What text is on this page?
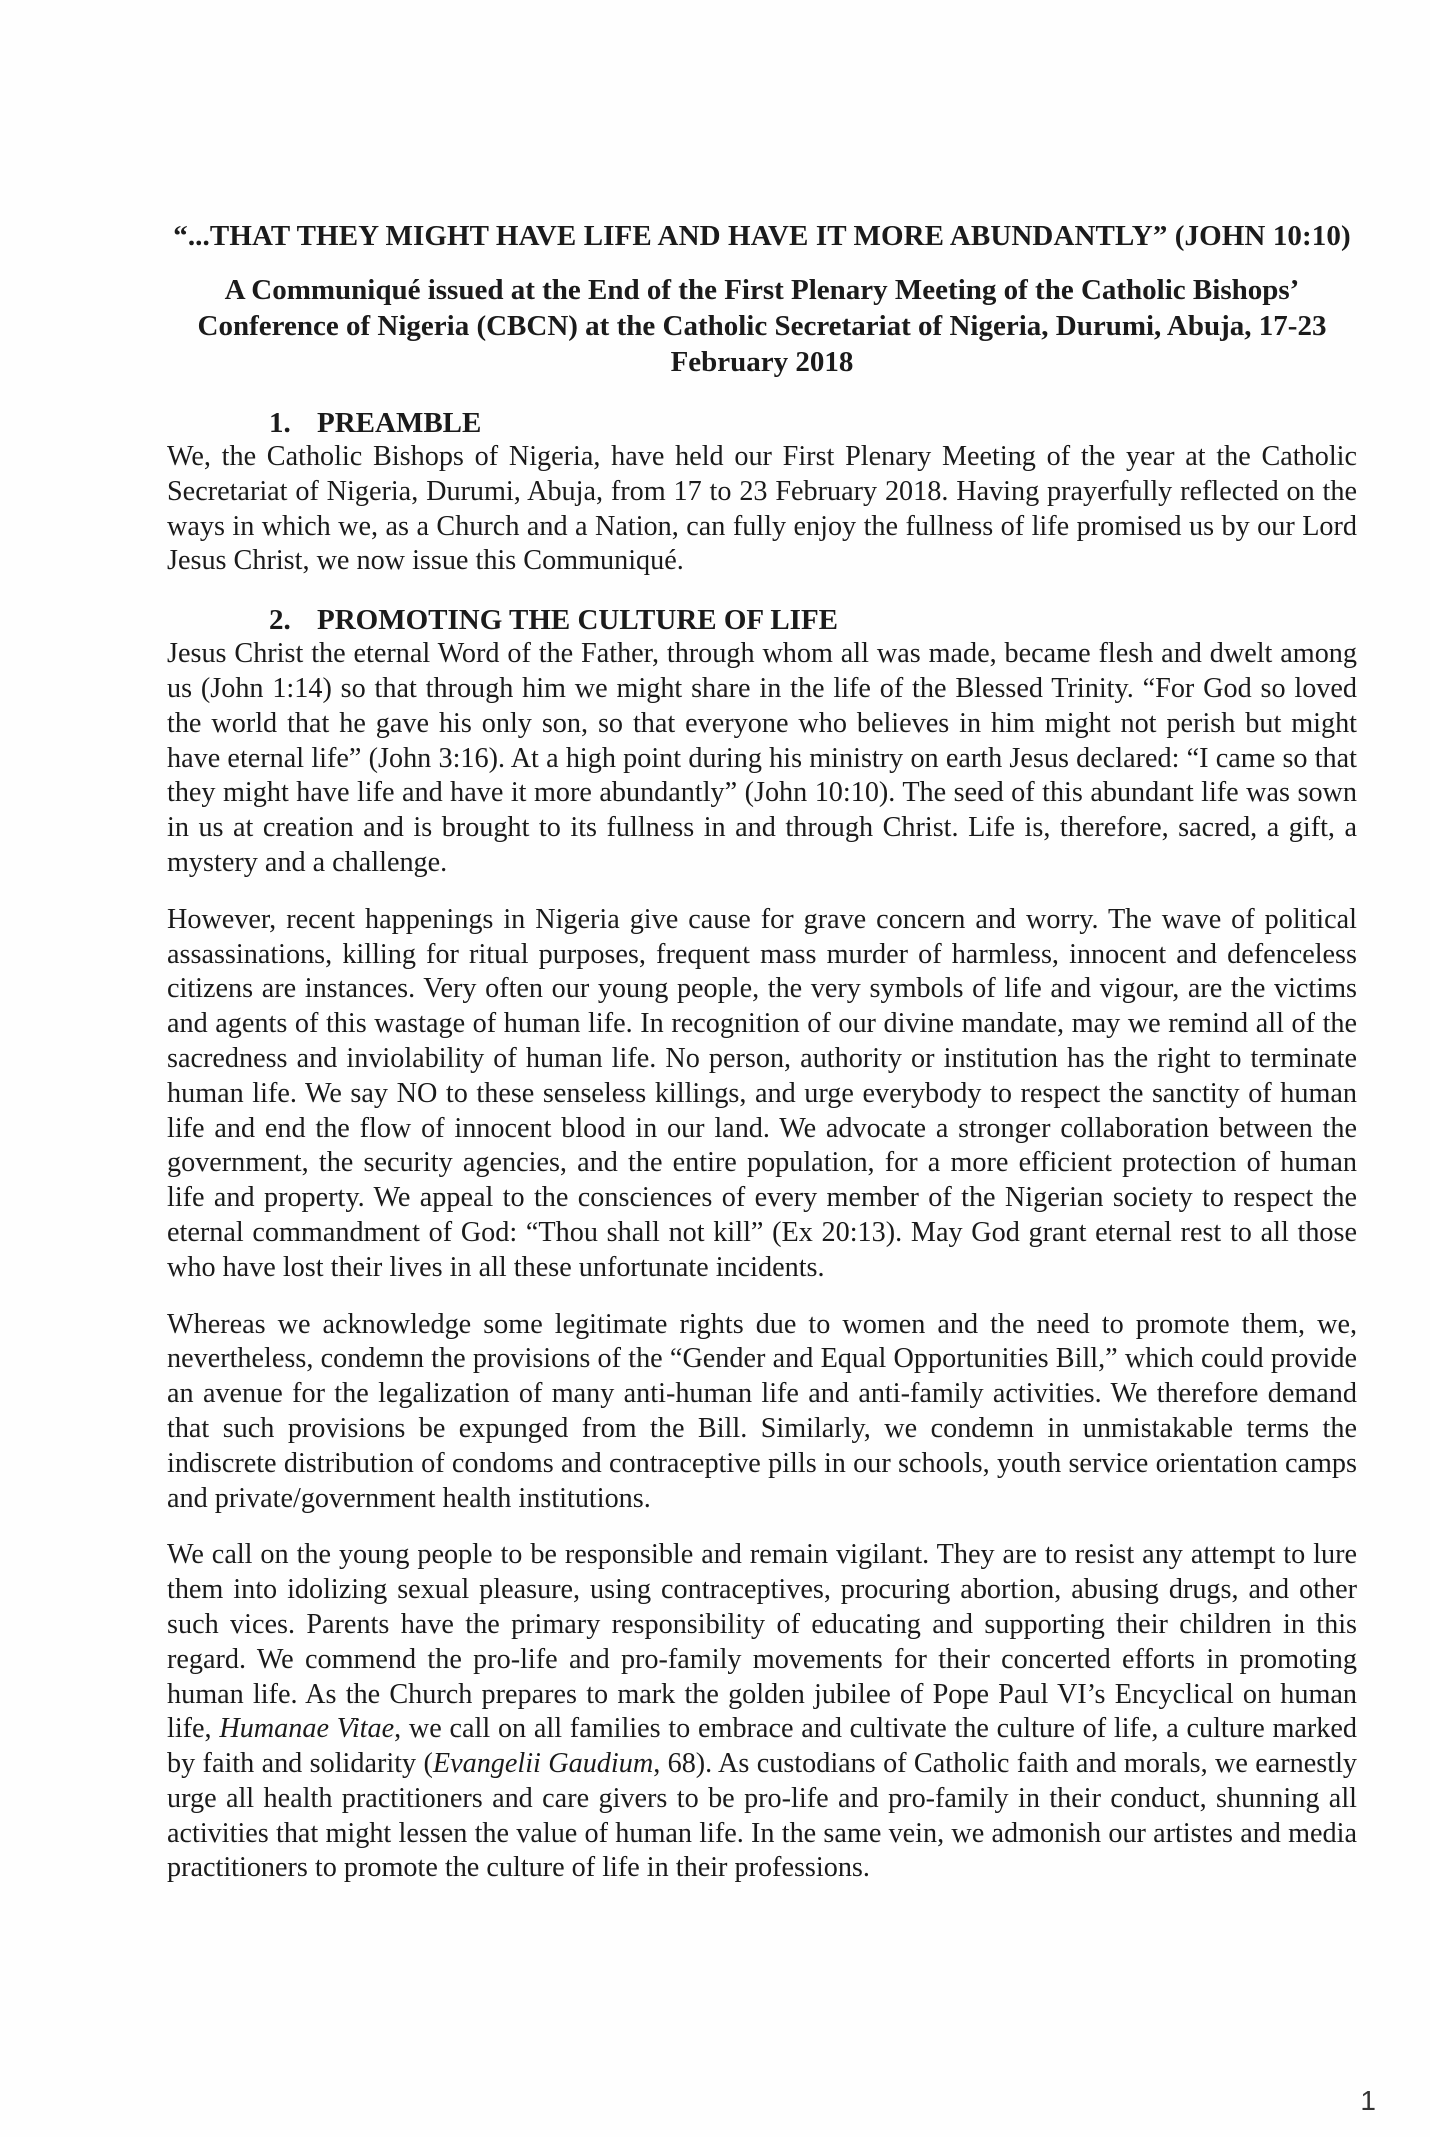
“...THAT THEY MIGHT HAVE LIFE AND HAVE IT MORE ABUNDANTLY” (JOHN 10:10)

A Communiqué issued at the End of the First Plenary Meeting of the Catholic Bishops’ Conference of Nigeria (CBCN) at the Catholic Secretariat of Nigeria, Durumi, Abuja, 17-23 February 2018

1. PREAMBLE

We, the Catholic Bishops of Nigeria, have held our First Plenary Meeting of the year at the Catholic Secretariat of Nigeria, Durumi, Abuja, from 17 to 23 February 2018. Having prayerfully reflected on the ways in which we, as a Church and a Nation, can fully enjoy the fullness of life promised us by our Lord Jesus Christ, we now issue this Communiqué.

2. PROMOTING THE CULTURE OF LIFE

Jesus Christ the eternal Word of the Father, through whom all was made, became flesh and dwelt among us (John 1:14) so that through him we might share in the life of the Blessed Trinity. “For God so loved the world that he gave his only son, so that everyone who believes in him might not perish but might have eternal life” (John 3:16). At a high point during his ministry on earth Jesus declared: “I came so that they might have life and have it more abundantly” (John 10:10). The seed of this abundant life was sown in us at creation and is brought to its fullness in and through Christ. Life is, therefore, sacred, a gift, a mystery and a challenge.

However, recent happenings in Nigeria give cause for grave concern and worry. The wave of political assassinations, killing for ritual purposes, frequent mass murder of harmless, innocent and defenceless citizens are instances. Very often our young people, the very symbols of life and vigour, are the victims and agents of this wastage of human life. In recognition of our divine mandate, may we remind all of the sacredness and inviolability of human life. No person, authority or institution has the right to terminate human life. We say NO to these senseless killings, and urge everybody to respect the sanctity of human life and end the flow of innocent blood in our land. We advocate a stronger collaboration between the government, the security agencies, and the entire population, for a more efficient protection of human life and property. We appeal to the consciences of every member of the Nigerian society to respect the eternal commandment of God: “Thou shall not kill” (Ex 20:13). May God grant eternal rest to all those who have lost their lives in all these unfortunate incidents.

Whereas we acknowledge some legitimate rights due to women and the need to promote them, we, nevertheless, condemn the provisions of the “Gender and Equal Opportunities Bill,” which could provide an avenue for the legalization of many anti-human life and anti-family activities. We therefore demand that such provisions be expunged from the Bill. Similarly, we condemn in unmistakable terms the indiscrete distribution of condoms and contraceptive pills in our schools, youth service orientation camps and private/government health institutions.

We call on the young people to be responsible and remain vigilant. They are to resist any attempt to lure them into idolizing sexual pleasure, using contraceptives, procuring abortion, abusing drugs, and other such vices. Parents have the primary responsibility of educating and supporting their children in this regard. We commend the pro-life and pro-family movements for their concerted efforts in promoting human life. As the Church prepares to mark the golden jubilee of Pope Paul VI’s Encyclical on human life, Humanae Vitae, we call on all families to embrace and cultivate the culture of life, a culture marked by faith and solidarity (Evangelii Gaudium, 68). As custodians of Catholic faith and morals, we earnestly urge all health practitioners and care givers to be pro-life and pro-family in their conduct, shunning all activities that might lessen the value of human life. In the same vein, we admonish our artistes and media practitioners to promote the culture of life in their professions.

1
